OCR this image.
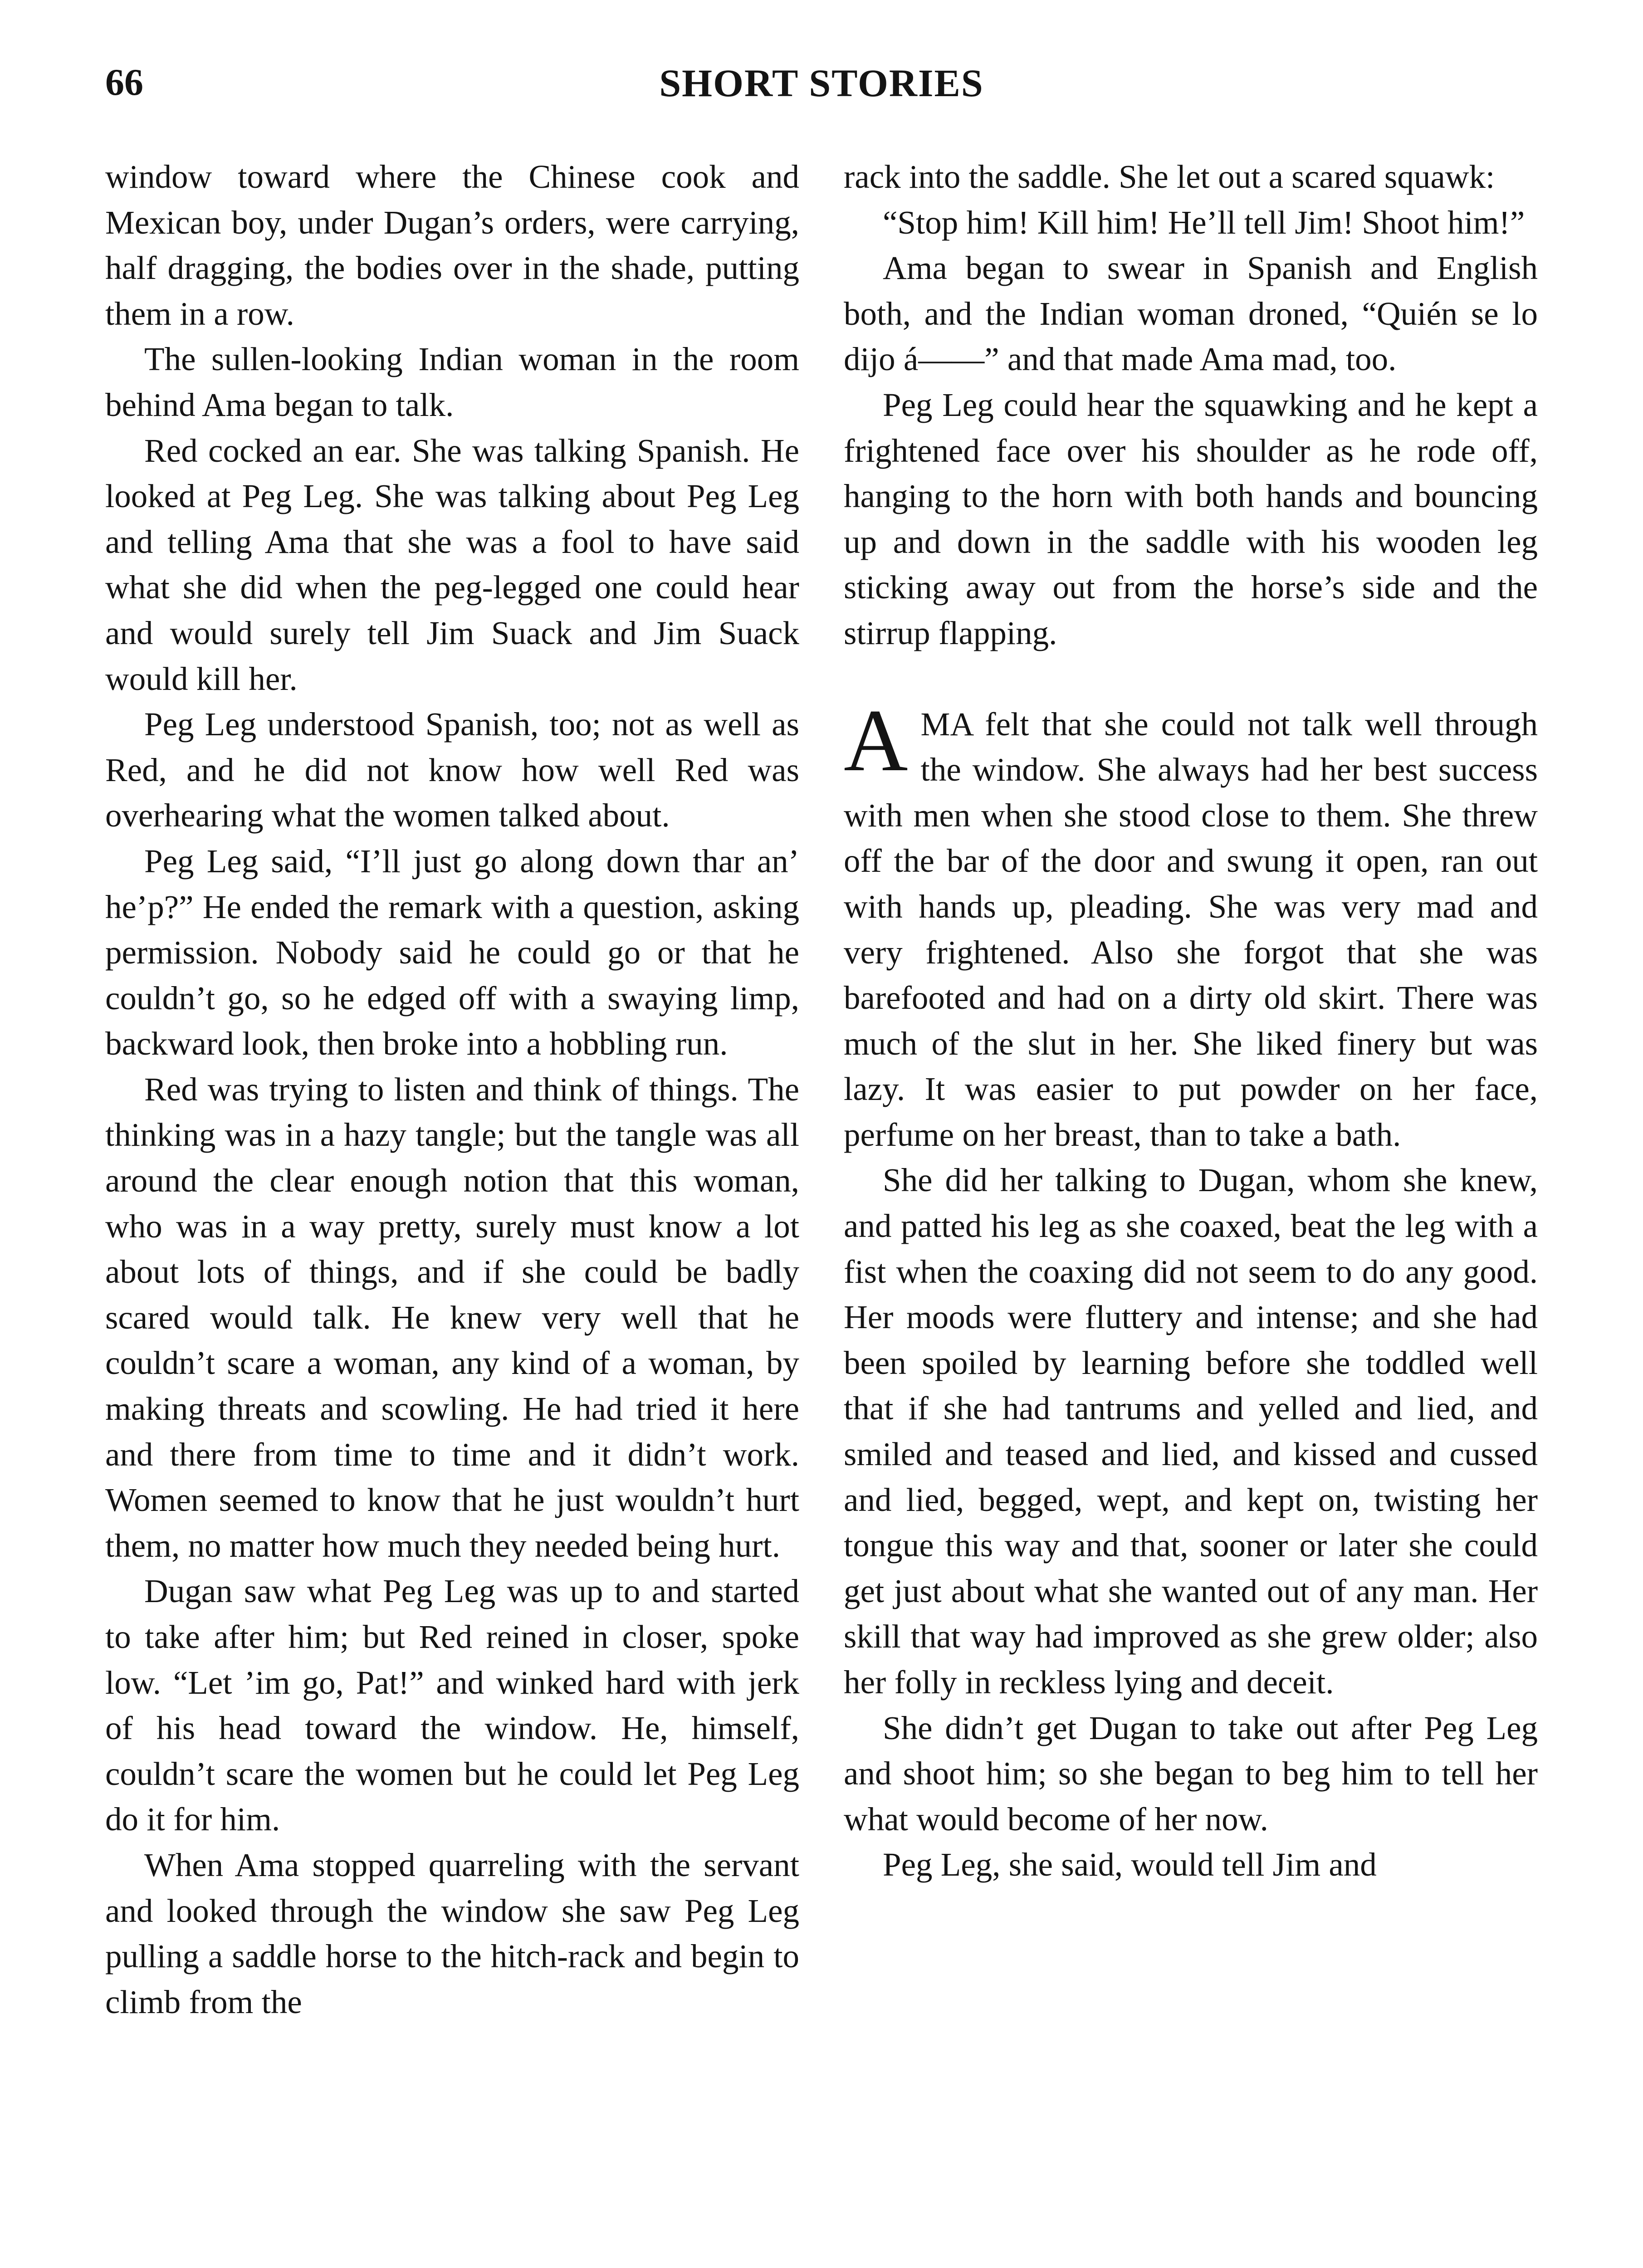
66	SHORT STORIES

window toward where the Chinese cook and Mexican boy, under Dugan’s orders, were carrying, half dragging, the bodies over in the shade, putting them in a row.

The sullen-looking Indian woman in the room behind Ama began to talk.

Red cocked an ear. She was talking Spanish. He looked at Peg Leg. She was talking about Peg Leg and telling Ama that she was a fool to have said what she did when the peg-legged one could hear and would surely tell Jim Suack and Jim Suack would kill her.

Peg Leg understood Spanish, too; not as well as Red, and he did not know how well Red was overhearing what the women talked about.

Peg Leg said, “I’ll just go along down thar an’ he’p?” He ended the remark with a question, asking permission. Nobody said he could go or that he couldn’t go, so he edged off with a swaying limp, backward look, then broke into a hobbling run.

Red was trying to listen and think of things. The thinking was in a hazy tangle; but the tangle was all around the clear enough notion that this woman, who was in a way pretty, surely must know a lot about lots of things, and if she could be badly scared would talk. He knew very well that he couldn’t scare a woman, any kind of a woman, by making threats and scowling. He had tried it here and there from time to time and it didn’t work. Women seemed to know that he just wouldn’t hurt them, no matter how much they needed being hurt.

Dugan saw what Peg Leg was up to and started to take after him; but Red reined in closer, spoke low. “Let ’im go, Pat!” and winked hard with jerk of his head toward the window. He, himself, couldn’t scare the women but he could let Peg Leg do it for him.

When Ama stopped quarreling with the servant and looked through the window she saw Peg Leg pulling a saddle horse to the hitch-rack and begin to climb from the

rack into the saddle. She let out a scared squawk:

“Stop him! Kill him! He’ll tell Jim! Shoot him!”

Ama began to swear in Spanish and English both, and the Indian woman droned, “Quién se lo dijo á——” and that made Ama mad, too.

Peg Leg could hear the squawking and he kept a frightened face over his shoulder as he rode off, hanging to the horn with both hands and bouncing up and down in the saddle with his wooden leg sticking away out from the horse’s side and the stirrup flapping.

AMA felt that she could not talk well through the window. She always had her best success with men when she stood close to them. She threw off the bar of the door and swung it open, ran out with hands up, pleading. She was very mad and very frightened. Also she forgot that she was barefooted and had on a dirty old skirt. There was much of the slut in her. She liked finery but was lazy. It was easier to put powder on her face, perfume on her breast, than to take a bath.

She did her talking to Dugan, whom she knew, and patted his leg as she coaxed, beat the leg with a fist when the coaxing did not seem to do any good. Her moods were fluttery and intense; and she had been spoiled by learning before she toddled well that if she had tantrums and yelled and lied, and smiled and teased and lied, and kissed and cussed and lied, begged, wept, and kept on, twisting her tongue this way and that, sooner or later she could get just about what she wanted out of any man. Her skill that way had improved as she grew older; also her folly in reckless lying and deceit.

She didn’t get Dugan to take out after Peg Leg and shoot him; so she began to beg him to tell her what would become of her now.

Peg Leg, she said, would tell Jim and
